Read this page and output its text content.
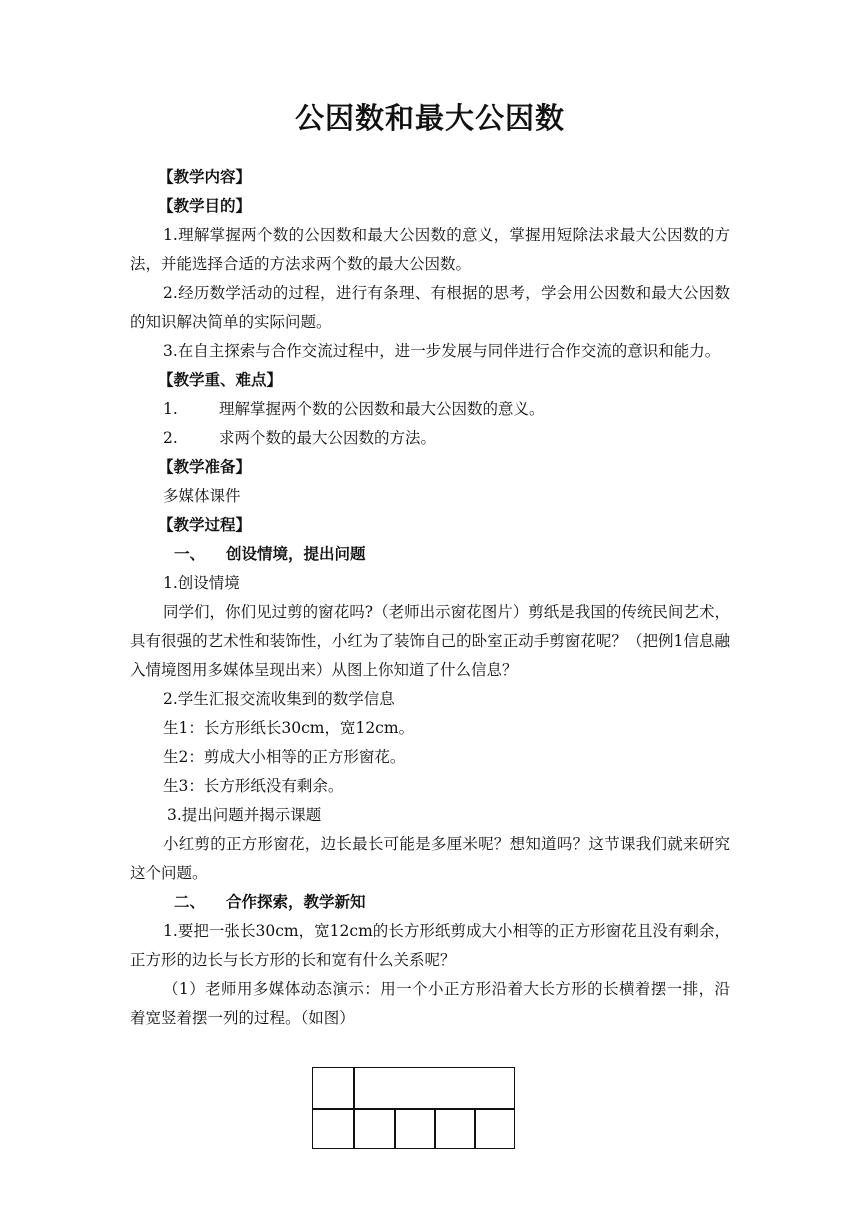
公因数和最大公因数

【教学内容】

【教学目的】

1.理解掌握两个数的公因数和最大公因数的意义，掌握用短除法求最大公因数的方法，并能选择合适的方法求两个数的最大公因数。

2.经历数学活动的过程，进行有条理、有根据的思考，学会用公因数和最大公因数的知识解决简单的实际问题。

3.在自主探索与合作交流过程中，进一步发展与同伴进行合作交流的意识和能力。

【教学重、难点】

1.	理解掌握两个数的公因数和最大公因数的意义。

2.	求两个数的最大公因数的方法。

【教学准备】

多媒体课件

【教学过程】

一、 创设情境，提出问题

1.创设情境

同学们，你们见过剪的窗花吗?（老师出示窗花图片）剪纸是我国的传统民间艺术，具有很强的艺术性和装饰性，小红为了装饰自己的卧室正动手剪窗花呢？（把例1信息融入情境图用多媒体呈现出来）从图上你知道了什么信息？

2.学生汇报交流收集到的数学信息

生1：长方形纸长30cm，宽12cm。

生2：剪成大小相等的正方形窗花。

生3：长方形纸没有剩余。

3.提出问题并揭示课题

小红剪的正方形窗花，边长最长可能是多厘米呢？想知道吗？这节课我们就来研究这个问题。

二、 合作探索，教学新知

1.要把一张长30cm，宽12cm的长方形纸剪成大小相等的正方形窗花且没有剩余，正方形的边长与长方形的长和宽有什么关系呢？

（1）老师用多媒体动态演示：用一个小正方形沿着大长方形的长横着摆一排，沿着宽竖着摆一列的过程。（如图）
